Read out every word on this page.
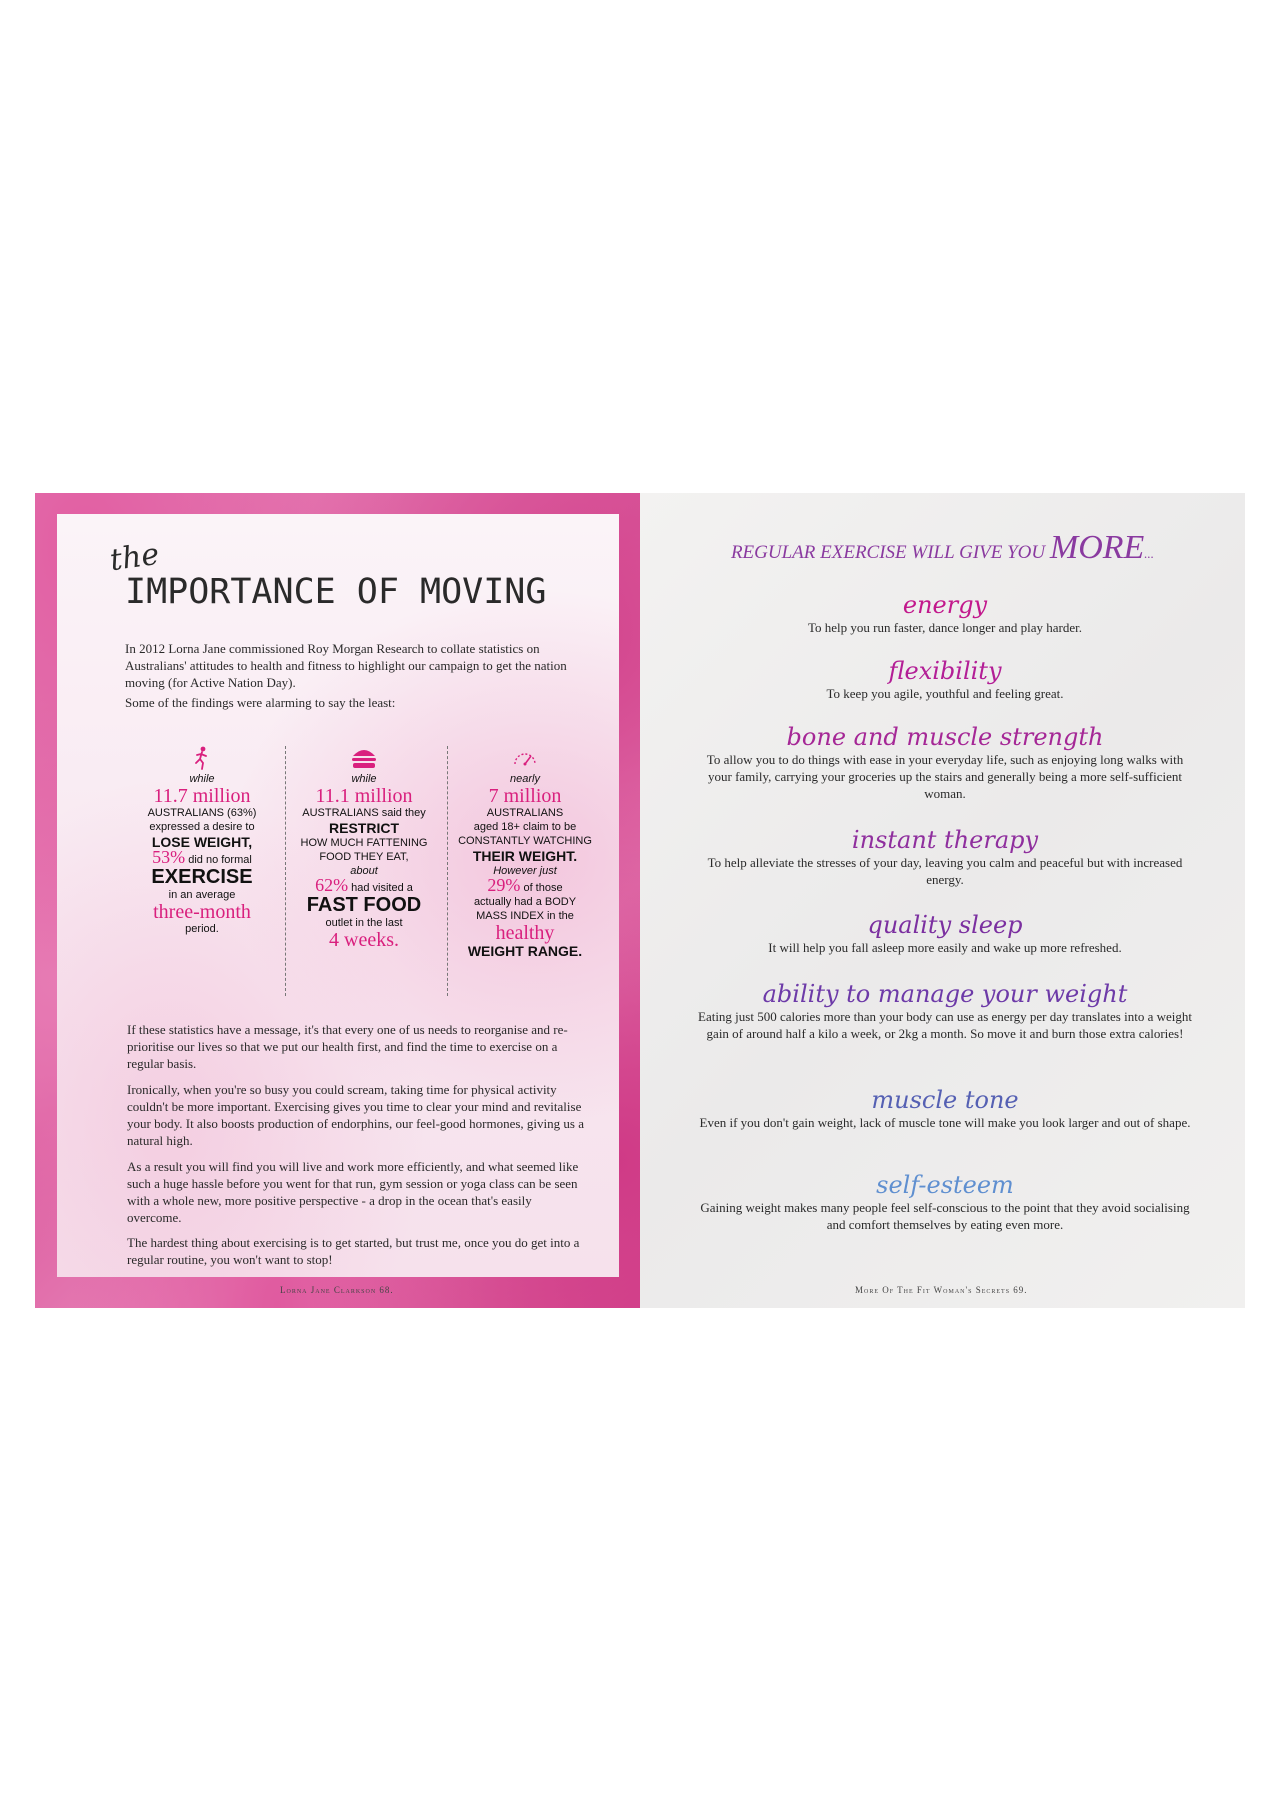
the
IMPORTANCE OF MOVING

In 2012 Lorna Jane commissioned Roy Morgan Research to collate statistics on Australians' attitudes to health and fitness to highlight our campaign to get the nation moving (for Active Nation Day).

Some of the findings were alarming to say the least:

while
11.7 million
AUSTRALIANS (63%)
expressed a desire to
LOSE WEIGHT,
53% did no formal
EXERCISE
in an average
three-month
period.
while
11.1 million
AUSTRALIANS said they
RESTRICT
HOW MUCH FATTENING
FOOD THEY EAT,
about
62% had visited a
FAST FOOD
outlet in the last
4 weeks.
nearly
7 million
AUSTRALIANS
aged 18+ claim to be
CONSTANTLY WATCHING
THEIR WEIGHT.
However just
29% of those
actually had a BODY
MASS INDEX in the
healthy
WEIGHT RANGE.

If these statistics have a message, it's that every one of us needs to reorganise and re-prioritise our lives so that we put our health first, and find the time to exercise on a regular basis.

Ironically, when you're so busy you could scream, taking time for physical activity couldn't be more important. Exercising gives you time to clear your mind and revitalise your body. It also boosts production of endorphins, our feel-good hormones, giving us a natural high.

As a result you will find you will live and work more efficiently, and what seemed like such a huge hassle before you went for that run, gym session or yoga class can be seen with a whole new, more positive perspective - a drop in the ocean that's easily overcome.

The hardest thing about exercising is to get started, but trust me, once you do get into a regular routine, you won't want to stop!

Lorna Jane Clarkson 68.
REGULAR EXERCISE WILL GIVE YOU MORE...
energy
To help you run faster, dance longer and play harder.
flexibility
To keep you agile, youthful and feeling great.
bone and muscle strength
To allow you to do things with ease in your everyday life, such as enjoying long walks with your family, carrying your groceries up the stairs and generally being a more self-sufficient woman.
instant therapy
To help alleviate the stresses of your day, leaving you calm and peaceful but with increased energy.
quality sleep
It will help you fall asleep more easily and wake up more refreshed.
ability to manage your weight
Eating just 500 calories more than your body can use as energy per day translates into a weight gain of around half a kilo a week, or 2kg a month. So move it and burn those extra calories!
muscle tone
Even if you don't gain weight, lack of muscle tone will make you look larger and out of shape.
self-esteem
Gaining weight makes many people feel self-conscious to the point that they avoid socialising and comfort themselves by eating even more.
More Of The Fit Woman's Secrets 69.
